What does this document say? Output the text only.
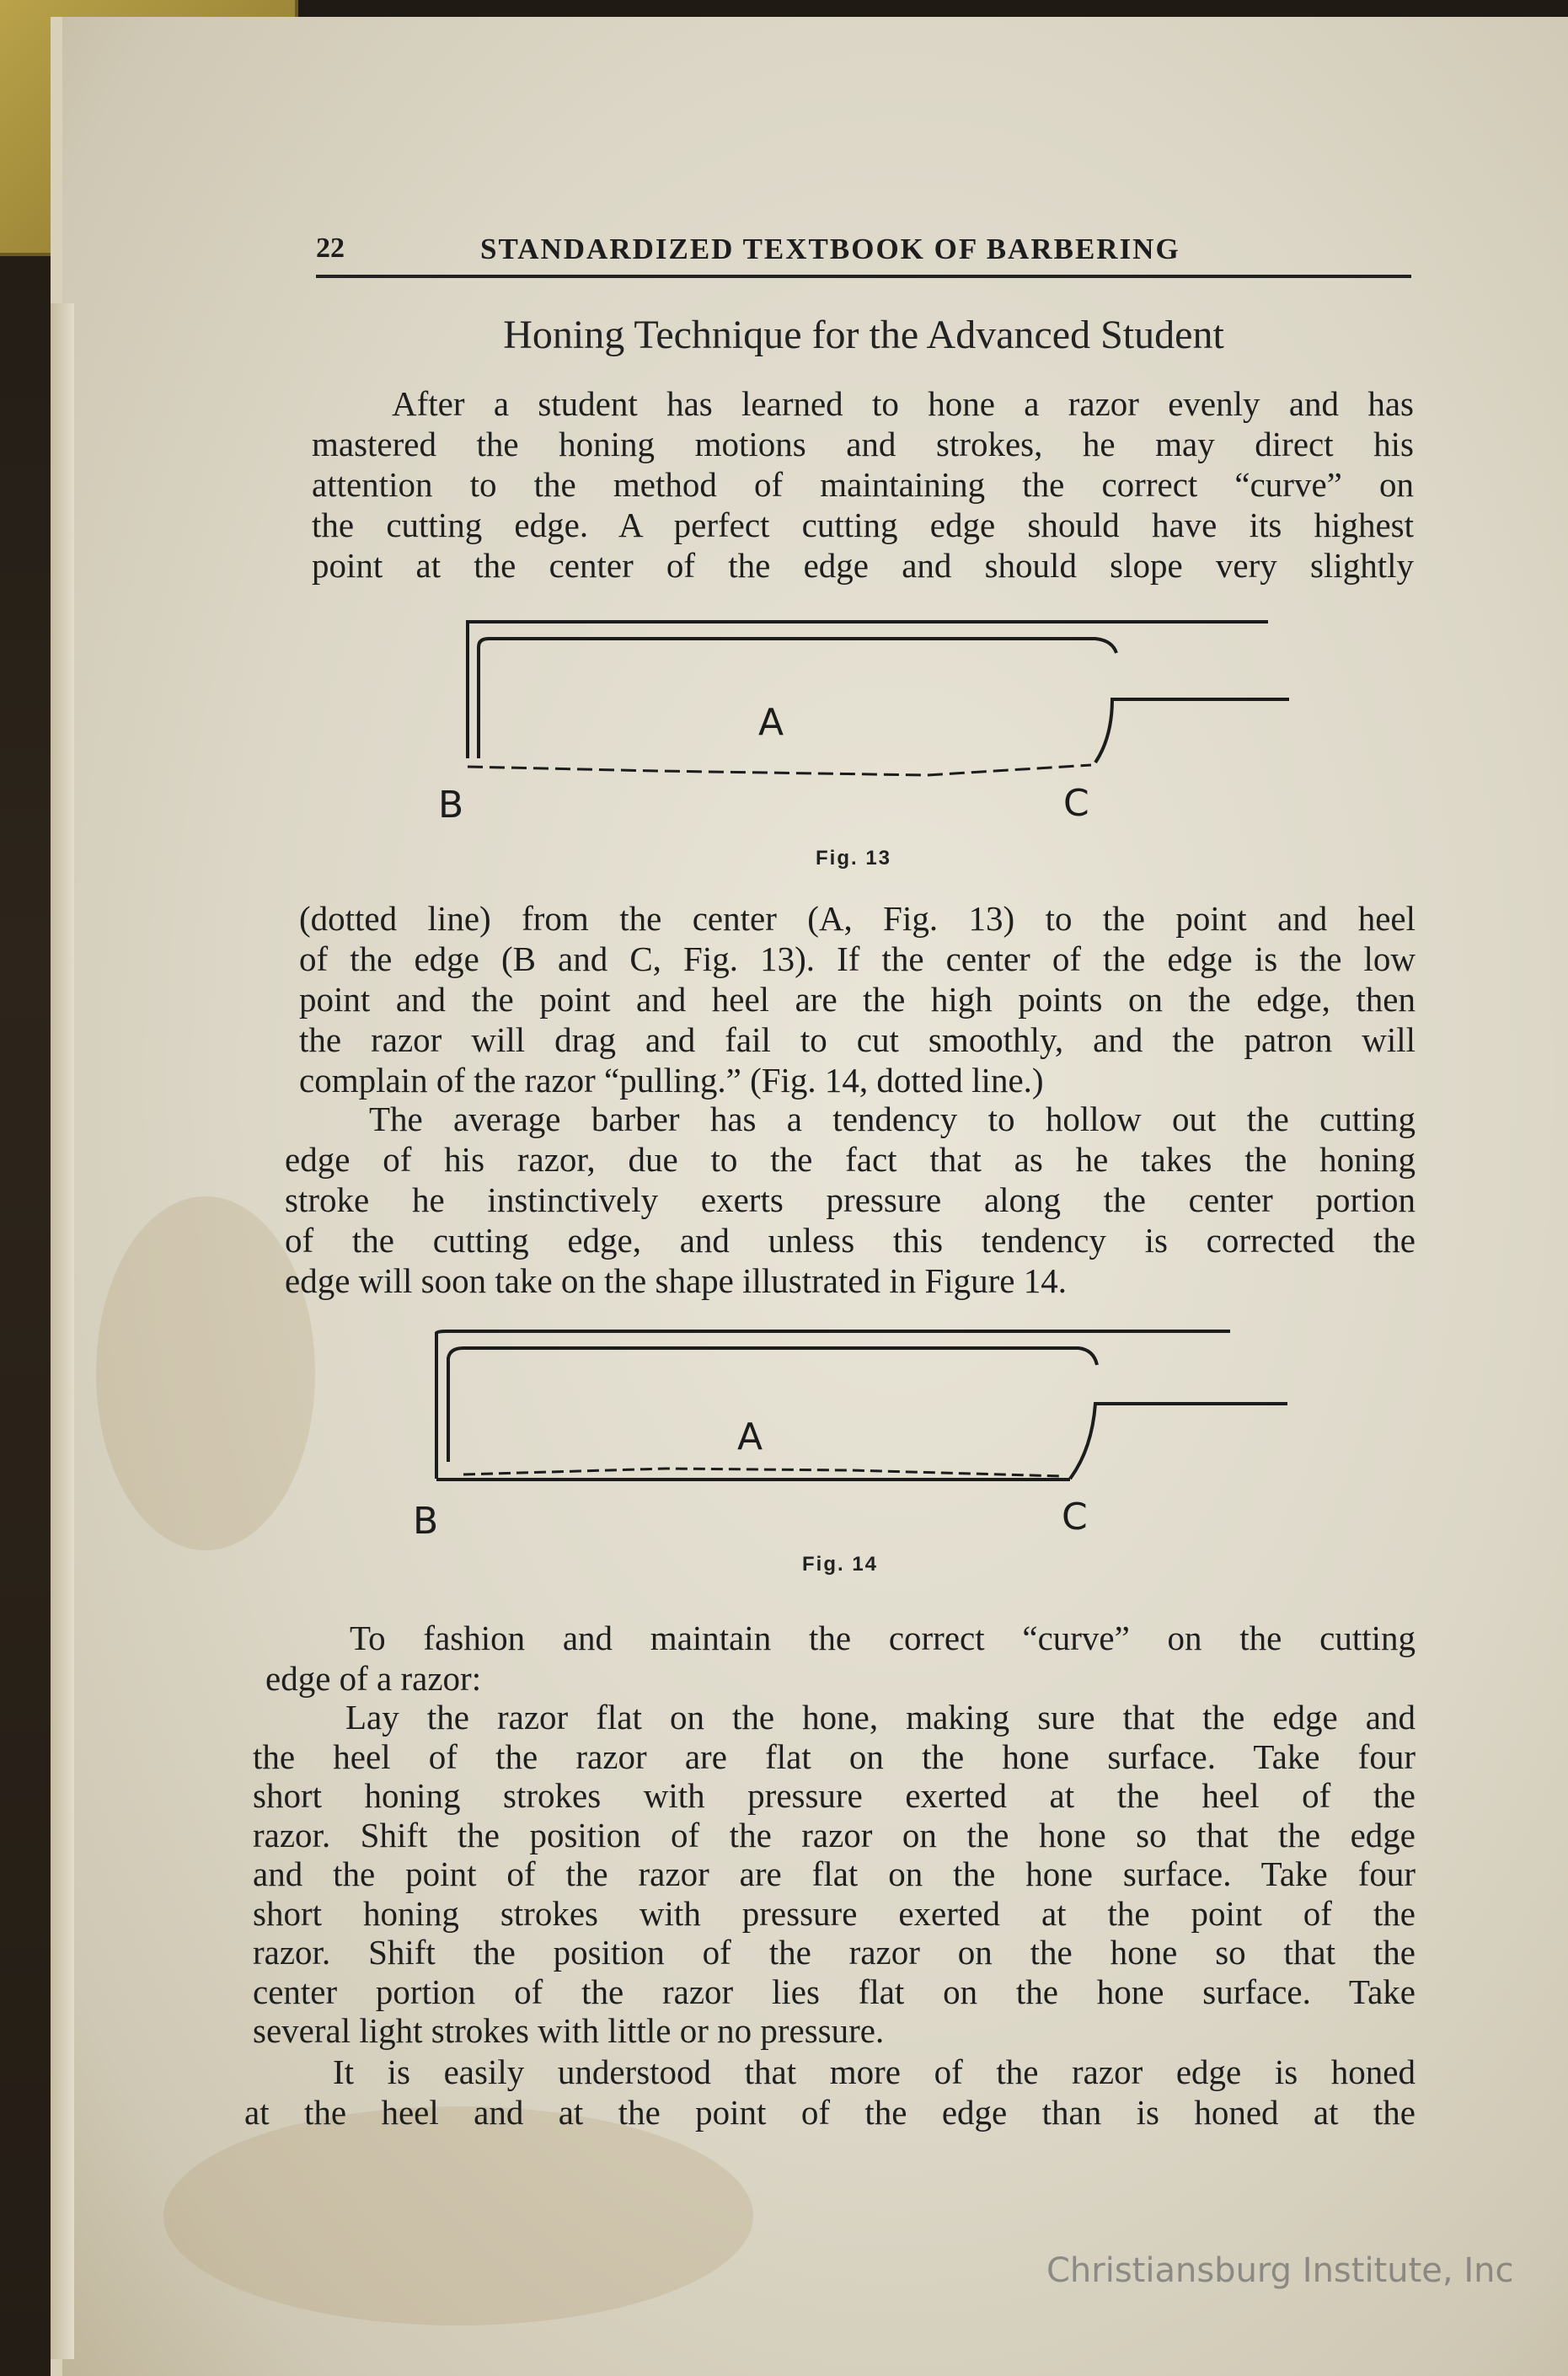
22	STANDARDIZED TEXTBOOK OF BARBERING
Honing Technique for the Advanced Student

After a student has learned to hone a razor evenly and has
mastered the honing motions and strokes, he may direct his
attention to the method of maintaining the correct “curve” on
the cutting edge. A perfect cutting edge should have its highest
point at the center of the edge and should slope very slightly

A
B	C
Fig. 13

(dotted line) from the center (A, Fig. 13) to the point and heel
of the edge (B and C, Fig. 13). If the center of the edge is the low
point and the point and heel are the high points on the edge, then
the razor will drag and fail to cut smoothly, and the patron will
complain of the razor “pulling.” (Fig. 14, dotted line.)

The average barber has a tendency to hollow out the cutting
edge of his razor, due to the fact that as he takes the honing
stroke he instinctively exerts pressure along the center portion
of the cutting edge, and unless this tendency is corrected the
edge will soon take on the shape illustrated in Figure 14.

A
B	C
Fig. 14

To fashion and maintain the correct “curve” on the cutting
edge of a razor:

Lay the razor flat on the hone, making sure that the edge and
the heel of the razor are flat on the hone surface. Take four
short honing strokes with pressure exerted at the heel of the
razor. Shift the position of the razor on the hone so that the edge
and the point of the razor are flat on the hone surface. Take four
short honing strokes with pressure exerted at the point of the
razor. Shift the position of the razor on the hone so that the
center portion of the razor lies flat on the hone surface. Take
several light strokes with little or no pressure.

It is easily understood that more of the razor edge is honed
at the heel and at the point of the edge than is honed at the

Christiansburg Institute, Inc
